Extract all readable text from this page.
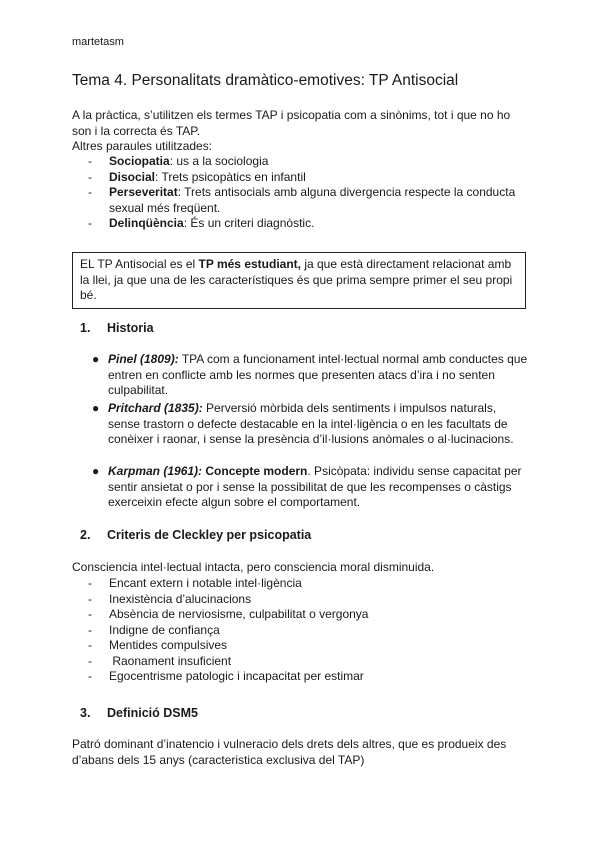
martetasm
Tema 4. Personalitats dramàtico-emotives: TP Antisocial
A la pràctica, s’utilitzen els termes TAP i psicopatia com a sinònims, tot i que no ho son i la correcta és TAP.
Altres paraules utilitzades:
- Sociopatia: us a la sociologia
- Disocial: Trets psicopàtics en infantil
- Perseveritat: Trets antisocials amb alguna divergencia respecte la conducta sexual més freqüent.
- Delinqüència: És un criteri diagnòstic.
EL TP Antisocial es el TP més estudiant, ja que està directament relacionat amb la llei, ja que una de les característiques és que prima sempre primer el seu propi bé.
1. Historia
● Pinel (1809): TPA com a funcionament intel·lectual normal amb conductes que entren en conflicte amb les normes que presenten atacs d’ira i no senten culpabilitat.
● Pritchard (1835): Perversió mòrbida dels sentiments i impulsos naturals, sense trastorn o defecte destacable en la intel·ligència o en les facultats de conèixer i raonar, i sense la presència d’il·lusions anòmales o al·lucinacions.
● Karpman (1961): Concepte modern. Psicòpata: individu sense capacitat per sentir ansietat o por i sense la possibilitat de que les recompenses o càstigs exerceixin efecte algun sobre el comportament.
2. Criteris de Cleckley per psicopatia
Consciencia intel·lectual intacta, pero consciencia moral disminuida.
- Encant extern i notable intel·ligència
- Inexistència d’alucinacions
- Absència de nerviosisme, culpabilitat o vergonya
- Indigne de confiança
- Mentides compulsives
-  Raonament insuficient
- Egocentrisme patologic i incapacitat per estimar
3. Definició DSM5
Patró dominant d’inatencio i vulneracio dels drets dels altres, que es produeix des d’abans dels 15 anys (caracteristica exclusiva del TAP)
